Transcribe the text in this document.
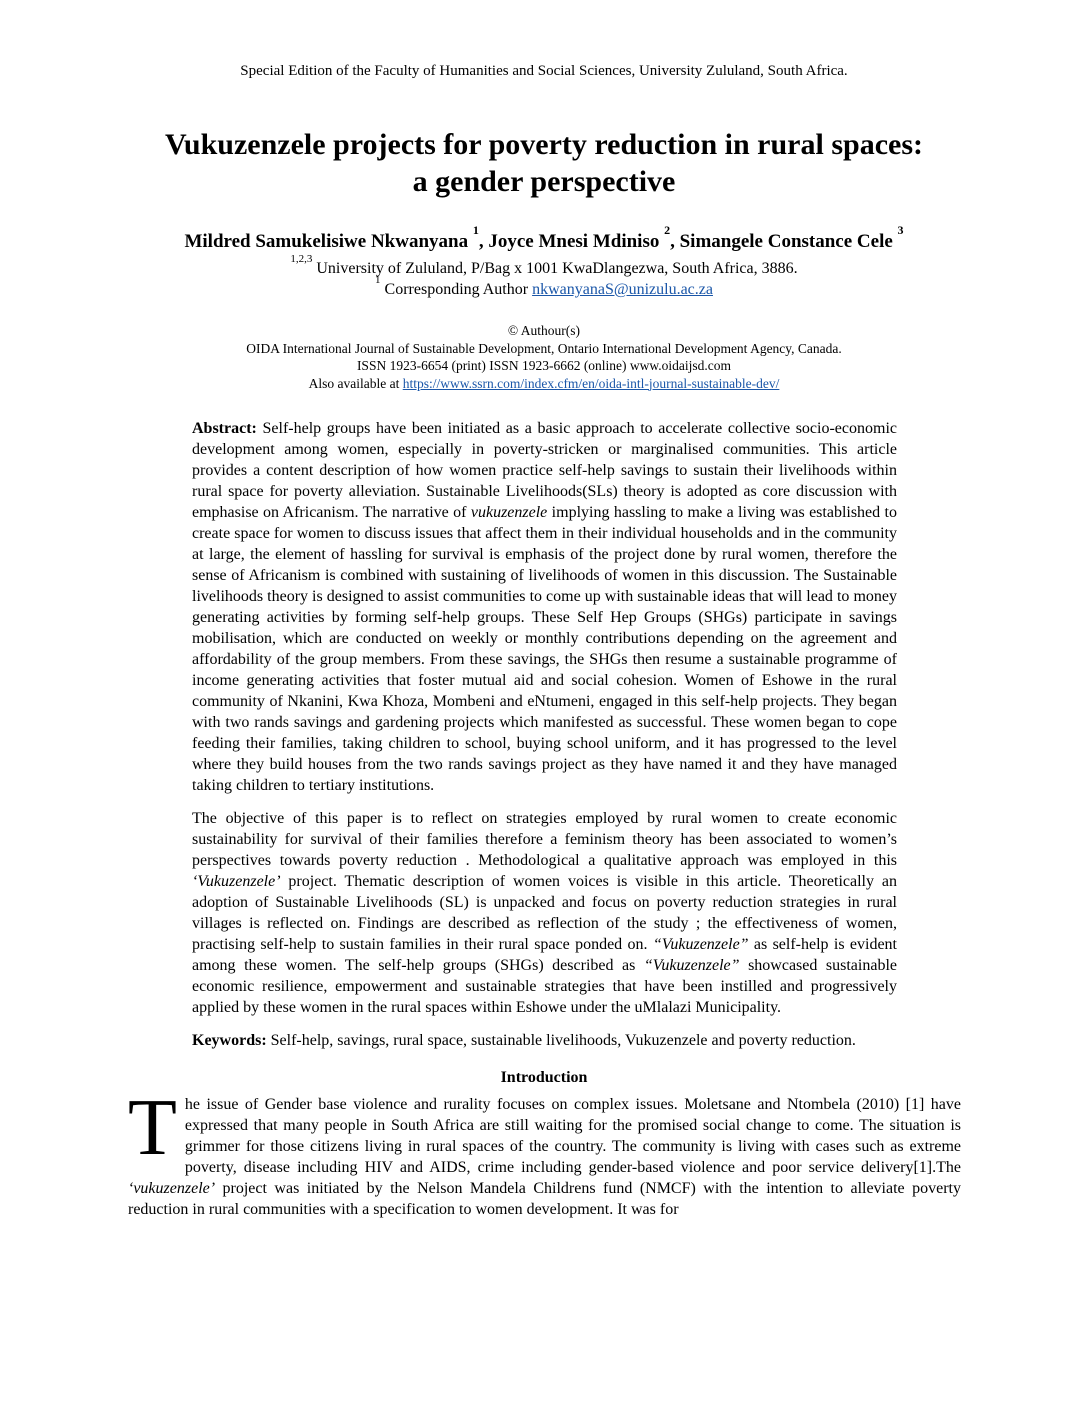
Special Edition of the Faculty of Humanities and Social Sciences, University Zululand, South Africa.
Vukuzenzele projects for poverty reduction in rural spaces:
a gender perspective
Mildred Samukelisiwe Nkwanyana $^1$, Joyce Mnesi Mdiniso $^2$, Simangele Constance Cele $^3$
$^{1,2,3}$ University of Zululand, P/Bag x 1001 KwaDlangezwa, South Africa, 3886.
$^1$ Corresponding Author nkwanyanaS@unizulu.ac.za
© Authour(s)
OIDA International Journal of Sustainable Development, Ontario International Development Agency, Canada.
ISSN 1923-6654 (print) ISSN 1923-6662 (online) www.oidaijsd.com
Also available at https://www.ssrn.com/index.cfm/en/oida-intl-journal-sustainable-dev/

Abstract: Self-help groups have been initiated as a basic approach to accelerate collective socio-economic development among women, especially in poverty-stricken or marginalised communities. This article provides a content description of how women practice self-help savings to sustain their livelihoods within rural space for poverty alleviation. Sustainable Livelihoods(SLs) theory is adopted as core discussion with emphasise on Africanism. The narrative of vukuzenzele implying hassling to make a living was established to create space for women to discuss issues that affect them in their individual households and in the community at large, the element of hassling for survival is emphasis of the project done by rural women, therefore the sense of Africanism is combined with sustaining of livelihoods of women in this discussion. The Sustainable livelihoods theory is designed to assist communities to come up with sustainable ideas that will lead to money generating activities by forming self-help groups. These Self Hep Groups (SHGs) participate in savings mobilisation, which are conducted on weekly or monthly contributions depending on the agreement and affordability of the group members. From these savings, the SHGs then resume a sustainable programme of income generating activities that foster mutual aid and social cohesion. Women of Eshowe in the rural community of Nkanini, Kwa Khoza, Mombeni and eNtumeni, engaged in this self-help projects. They began with two rands savings and gardening projects which manifested as successful. These women began to cope feeding their families, taking children to school, buying school uniform, and it has progressed to the level where they build houses from the two rands savings project as they have named it and they have managed taking children to tertiary institutions.

The objective of this paper is to reflect on strategies employed by rural women to create economic sustainability for survival of their families therefore a feminism theory has been associated to women’s perspectives towards poverty reduction . Methodological a qualitative approach was employed in this ‘Vukuzenzele’ project. Thematic description of women voices is visible in this article. Theoretically an adoption of Sustainable Livelihoods (SL) is unpacked and focus on poverty reduction strategies in rural villages is reflected on. Findings are described as reflection of the study ; the effectiveness of women, practising self-help to sustain families in their rural space ponded on. “Vukuzenzele” as self-help is evident among these women. The self-help groups (SHGs) described as “Vukuzenzele” showcased sustainable economic resilience, empowerment and sustainable strategies that have been instilled and progressively applied by these women in the rural spaces within Eshowe under the uMlalazi Municipality.

Keywords: Self-help, savings, rural space, sustainable livelihoods, Vukuzenzele and poverty reduction.

Introduction

The issue of Gender base violence and rurality focuses on complex issues. Moletsane and Ntombela (2010) [1] have expressed that many people in South Africa are still waiting for the promised social change to come. The situation is grimmer for those citizens living in rural spaces of the country. The community is living with cases such as extreme poverty, disease including HIV and AIDS, crime including gender-based violence and poor service delivery[1].The ‘vukuzenzele’ project was initiated by the Nelson Mandela Childrens fund (NMCF) with the intention to alleviate poverty reduction in rural communities with a specification to women development. It was for
